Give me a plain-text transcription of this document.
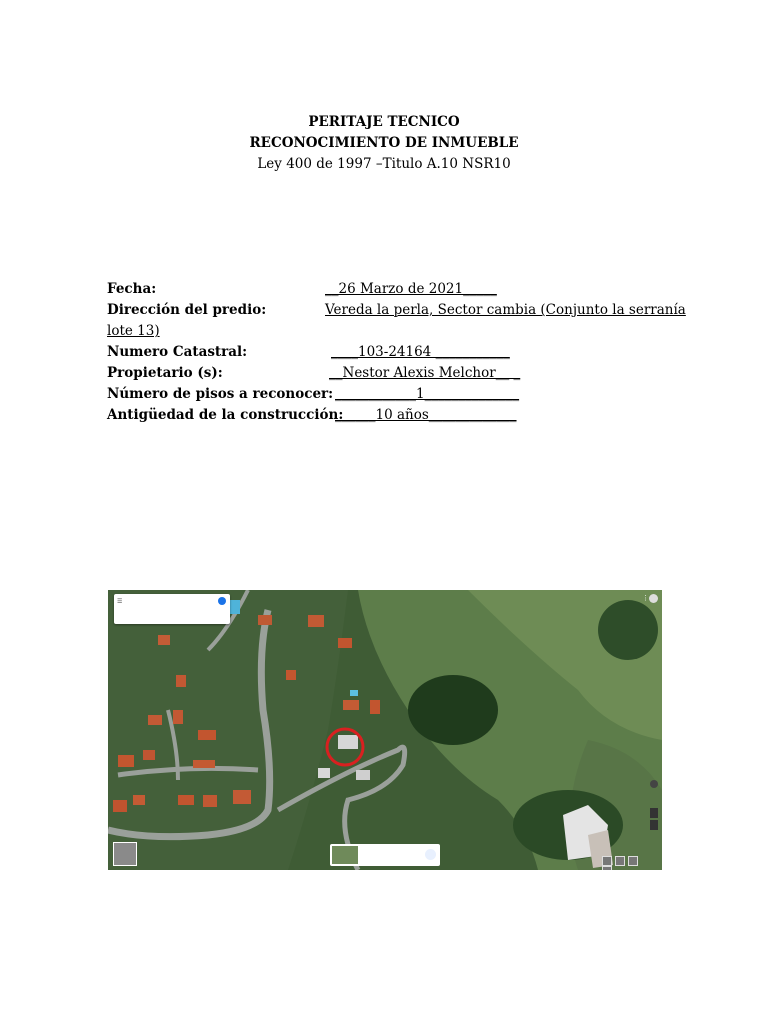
PERITAJE TECNICO
RECONOCIMIENTO DE INMUEBLE
Ley 400 de 1997 –Titulo A.10 NSR10
Fecha:	__26 Marzo de 2021_____
Dirección del predio:	Vereda la perla, Sector cambia (Conjunto la serranía
lote 13)
Numero Catastral:	____103-24164 ___________
Propietario (s):	__Nestor Alexis Melchor__ _
Número de pisos a reconocer: ____________1______________
Antigüedad de la construcción:
______10 años_____________
☰	⋮
